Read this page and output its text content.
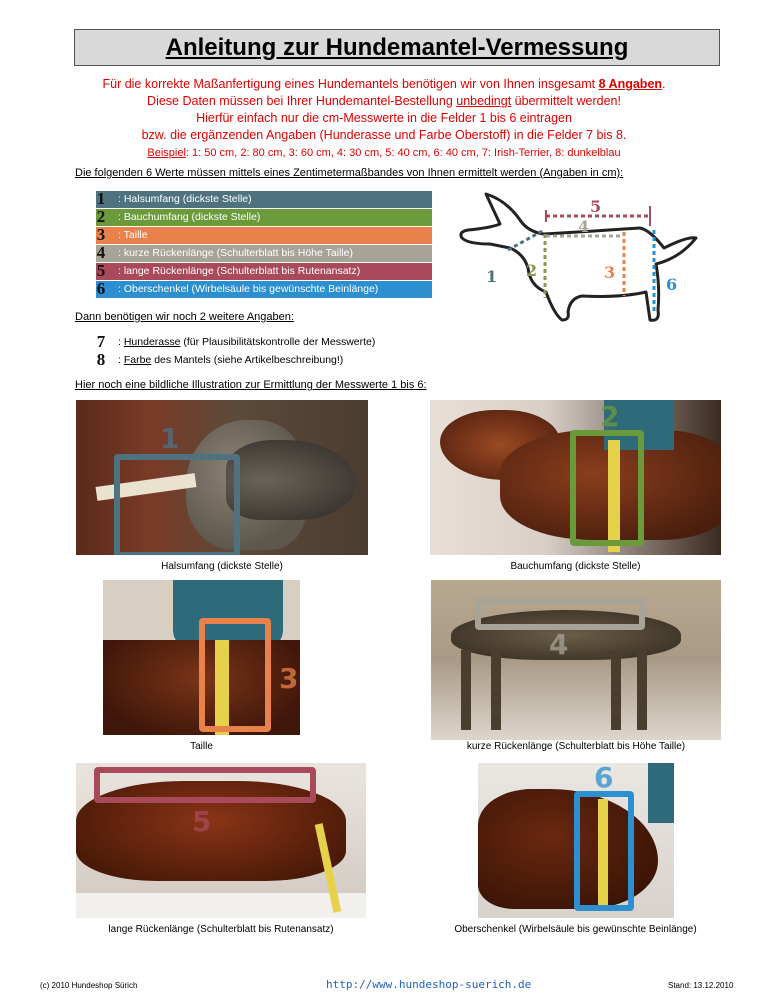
Anleitung zur Hundemantel-Vermessung
Für die korrekte Maßanfertigung eines Hundemantels benötigen wir von Ihnen insgesamt 8 Angaben.
Diese Daten müssen bei Ihrer Hundemantel-Bestellung unbedingt übermittelt werden!
Hierfür einfach nur die cm-Messwerte in die Felder 1 bis 6 eintragen
bzw. die ergänzenden Angaben (Hunderasse und Farbe Oberstoff) in die Felder 7 bis 8.
Beispiel: 1: 50 cm, 2: 80 cm, 3: 60 cm, 4: 30 cm, 5: 40 cm, 6: 40 cm, 7: Irish-Terrier, 8: dunkelblau
Die folgenden 6 Werte müssen mittels eines Zentimetermaßbandes von Ihnen ermittelt werden (Angaben in cm):
1	: Halsumfang (dickste Stelle)
2	: Bauchumfang (dickste Stelle)
3	: Taille
4	: kurze Rückenlänge (Schulterblatt bis Höhe Taille)
5	: lange Rückenlänge (Schulterblatt bis Rutenansatz)
6	: Oberschenkel (Wirbelsäule bis gewünschte Beinlänge)
1 2	3
4
5
6
Dann benötigen wir noch 2 weitere Angaben:
7	: Hunderasse (für Plausibilitätskontrolle der Messwerte)
8	: Farbe des Mantels (siehe Artikelbeschreibung!)
Hier noch eine bildliche Illustration zur Ermittlung der Messwerte 1 bis 6:
1
Halsumfang (dickste Stelle)
2
Bauchumfang (dickste Stelle)
3
Taille
4
kurze Rückenlänge (Schulterblatt bis Höhe Taille)
5
lange Rückenlänge (Schulterblatt bis Rutenansatz)
6
Oberschenkel (Wirbelsäule bis gewünschte Beinlänge)
(c) 2010 Hundeshop Sürich	http://www.hundeshop-suerich.de	Stand: 13.12.2010
